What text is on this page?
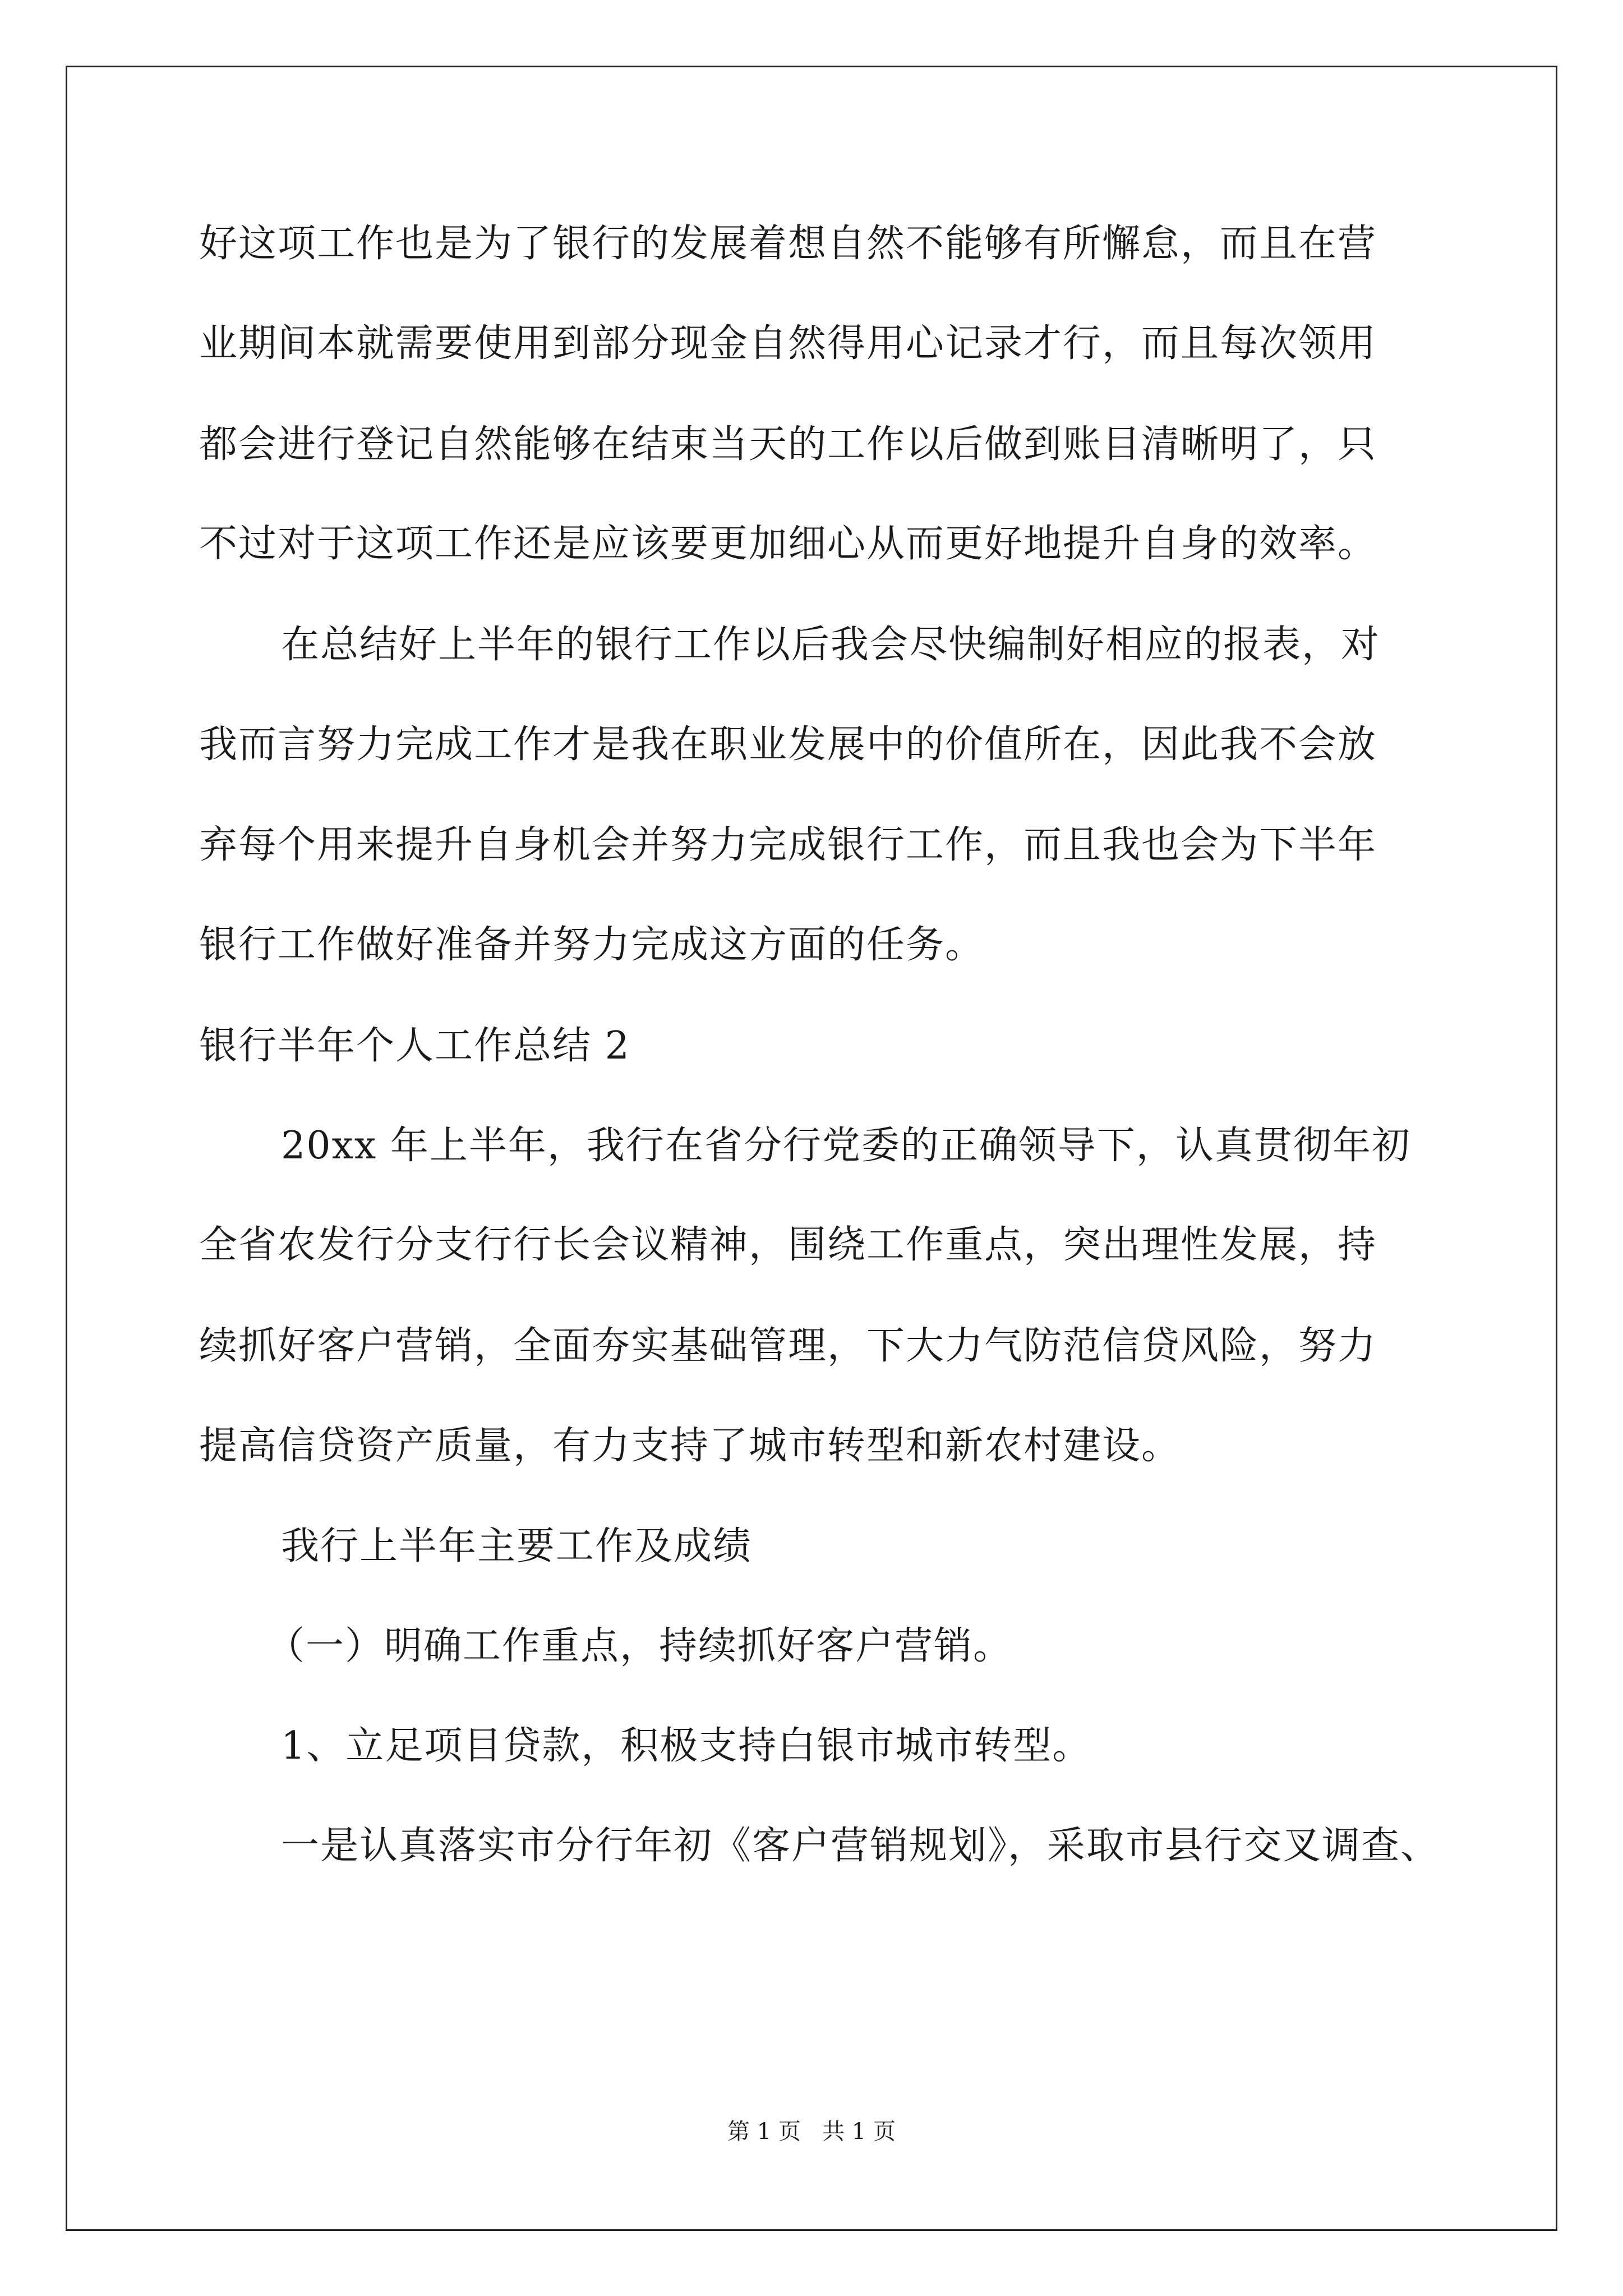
好这项工作也是为了银行的发展着想自然不能够有所懈怠，而且在营
业期间本就需要使用到部分现金自然得用心记录才行，而且每次领用
都会进行登记自然能够在结束当天的工作以后做到账目清晰明了，只
不过对于这项工作还是应该要更加细心从而更好地提升自身的效率。
在总结好上半年的银行工作以后我会尽快编制好相应的报表，对
我而言努力完成工作才是我在职业发展中的价值所在，因此我不会放
弃每个用来提升自身机会并努力完成银行工作，而且我也会为下半年
银行工作做好准备并努力完成这方面的任务。
银行半年个人工作总结 2
20xx 年上半年，我行在省分行党委的正确领导下，认真贯彻年初
全省农发行分支行行长会议精神，围绕工作重点，突出理性发展，持
续抓好客户营销，全面夯实基础管理，下大力气防范信贷风险，努力
提高信贷资产质量，有力支持了城市转型和新农村建设。
我行上半年主要工作及成绩
（一）明确工作重点，持续抓好客户营销。
1、立足项目贷款，积极支持白银市城市转型。
一是认真落实市分行年初《客户营销规划》，采取市县行交叉调查、
第 1 页   共 1 页
